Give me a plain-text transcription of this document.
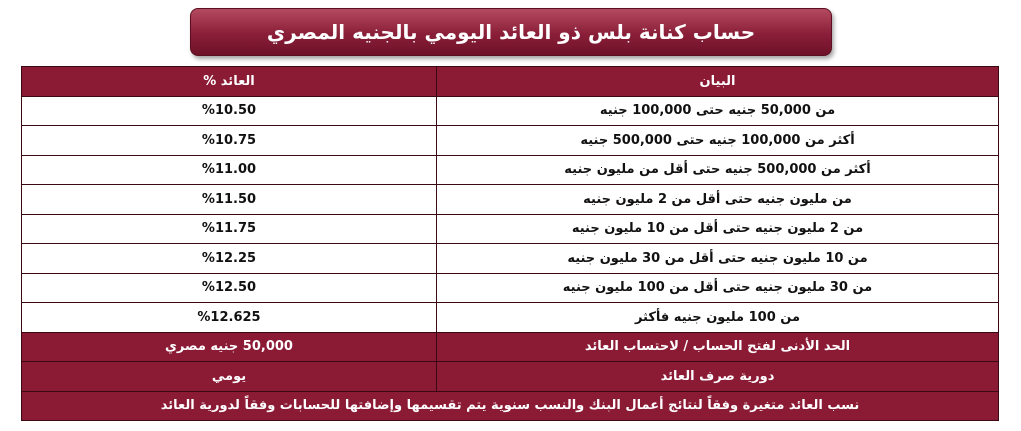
حساب كنانة بلس ذو العائد اليومي بالجنيه المصري
البيان	العائد %
من 50,000 جنيه حتى 100,000 جنيه	%10.50
أكثر من 100,000 جنيه حتى 500,000 جنيه	%10.75
أكثر من 500,000 جنيه حتى أقل من مليون جنيه	%11.00
من مليون جنيه حتى أقل من 2 مليون جنيه	%11.50
من 2 مليون جنيه حتى أقل من 10 مليون جنيه	%11.75
من 10 مليون جنيه حتى أقل من 30 مليون جنيه	%12.25
من 30 مليون جنيه حتى أقل من 100 مليون جنيه	%12.50
من 100 مليون جنيه فأكثر	%12.625
الحد الأدنى لفتح الحساب / لاحتساب العائد	50,000 جنيه مصري
دورية صرف العائد	يومي
نسب العائد متغيرة وفقاً لنتائج أعمال البنك والنسب سنوية يتم تقسيمها وإضافتها للحسابات وفقاً لدورية العائد	
